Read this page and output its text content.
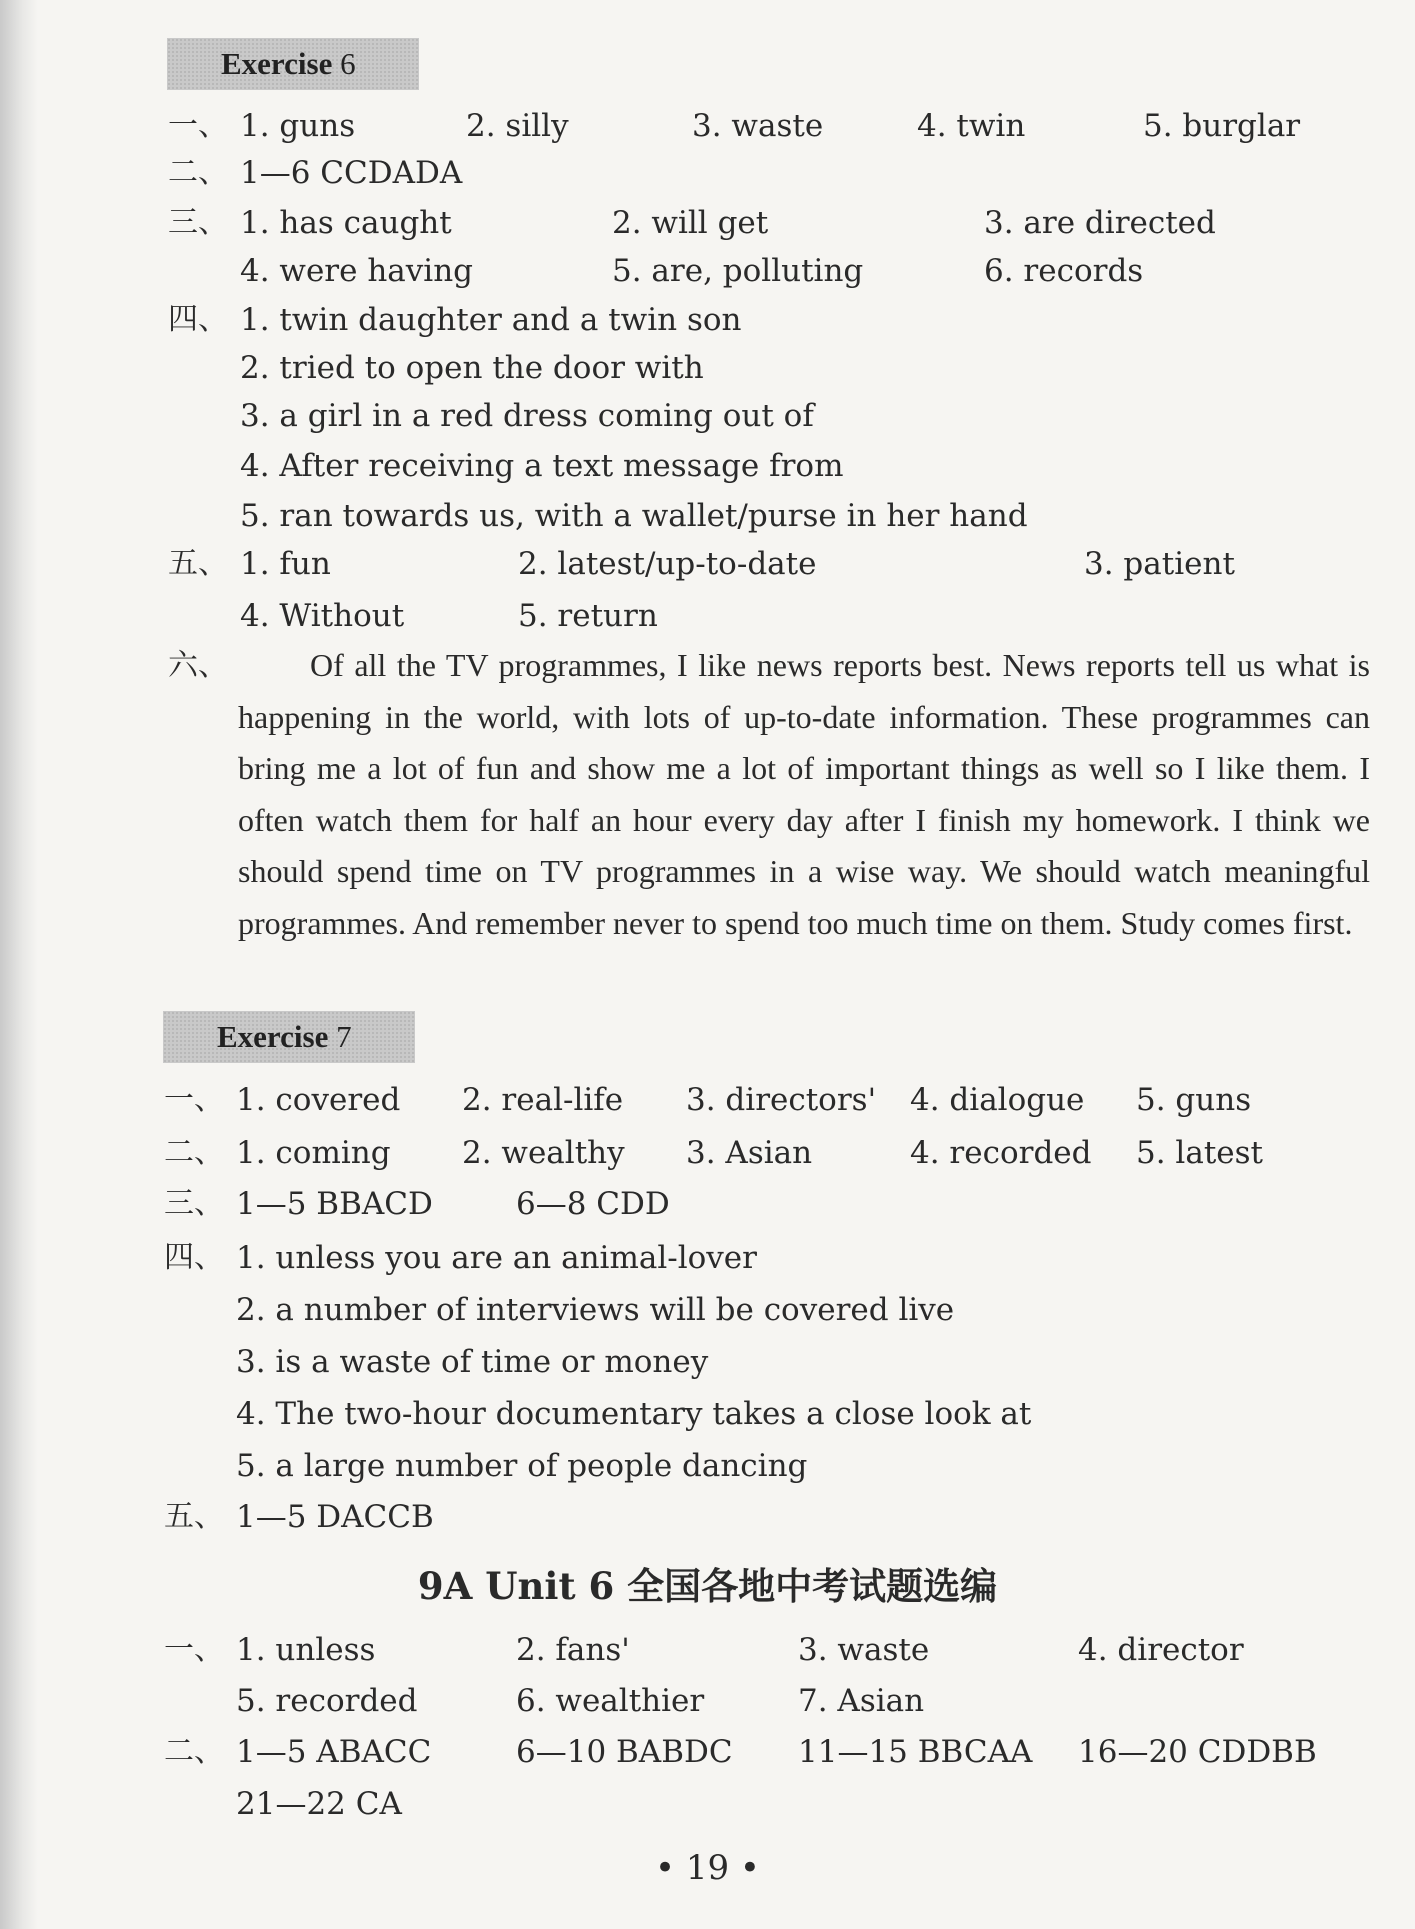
Exercise 6
一、 1. guns	2. silly	3. waste	4. twin	5. burglar
二、 1—6 CCDADA
三、 1. has caught	2. will get	3. are directed
4. were having	5. are, polluting	6. records
四、 1. twin daughter and a twin son
2. tried to open the door with
3. a girl in a red dress coming out of
4. After receiving a text message from
5. ran towards us, with a wallet/purse in her hand
五、 1. fun	2. latest/up-to-date	3. patient
4. Without	5. return
六、	Of all the TV programmes, I like news reports best. News reports tell us what is happening in the world, with lots of up-to-date information. These programmes can bring me a lot of fun and show me a lot of important things as well so I like them. I often watch them for half an hour every day after I finish my homework. I think we should spend time on TV programmes in a wise way. We should watch meaningful programmes. And remember never to spend too much time on them. Study comes first.
Exercise 7
一、 1. covered 2. real-life 3. directors' 4. dialogue 5. guns
二、 1. coming 2. wealthy 3. Asian	4. recorded 5. latest
三、 1—5 BBACD	6—8 CDD
四、 1. unless you are an animal-lover
2. a number of interviews will be covered live
3. is a waste of time or money
4. The two-hour documentary takes a close look at
5. a large number of people dancing
五、 1—5 DACCB
9A Unit 6 全国各地中考试题选编
一、 1. unless	2. fans'	3. waste	4. director
5. recorded	6. wealthier	7. Asian
二、 1—5 ABACC	6—10 BABDC 11—15 BBCAA 16—20 CDDBB
21—22 CA
• 19 •
